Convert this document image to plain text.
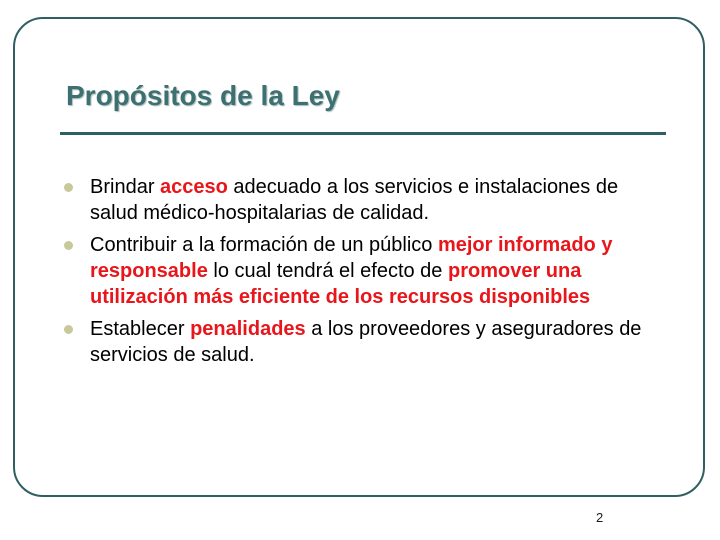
Propósitos de la Ley
Brindar acceso adecuado a los servicios e instalaciones de salud médico-hospitalarias de calidad.
Contribuir a la formación de un público mejor informado y responsable lo cual tendrá el efecto de promover una utilización más eficiente de los recursos disponibles
Establecer penalidades a los proveedores y aseguradores de servicios de salud.
2
